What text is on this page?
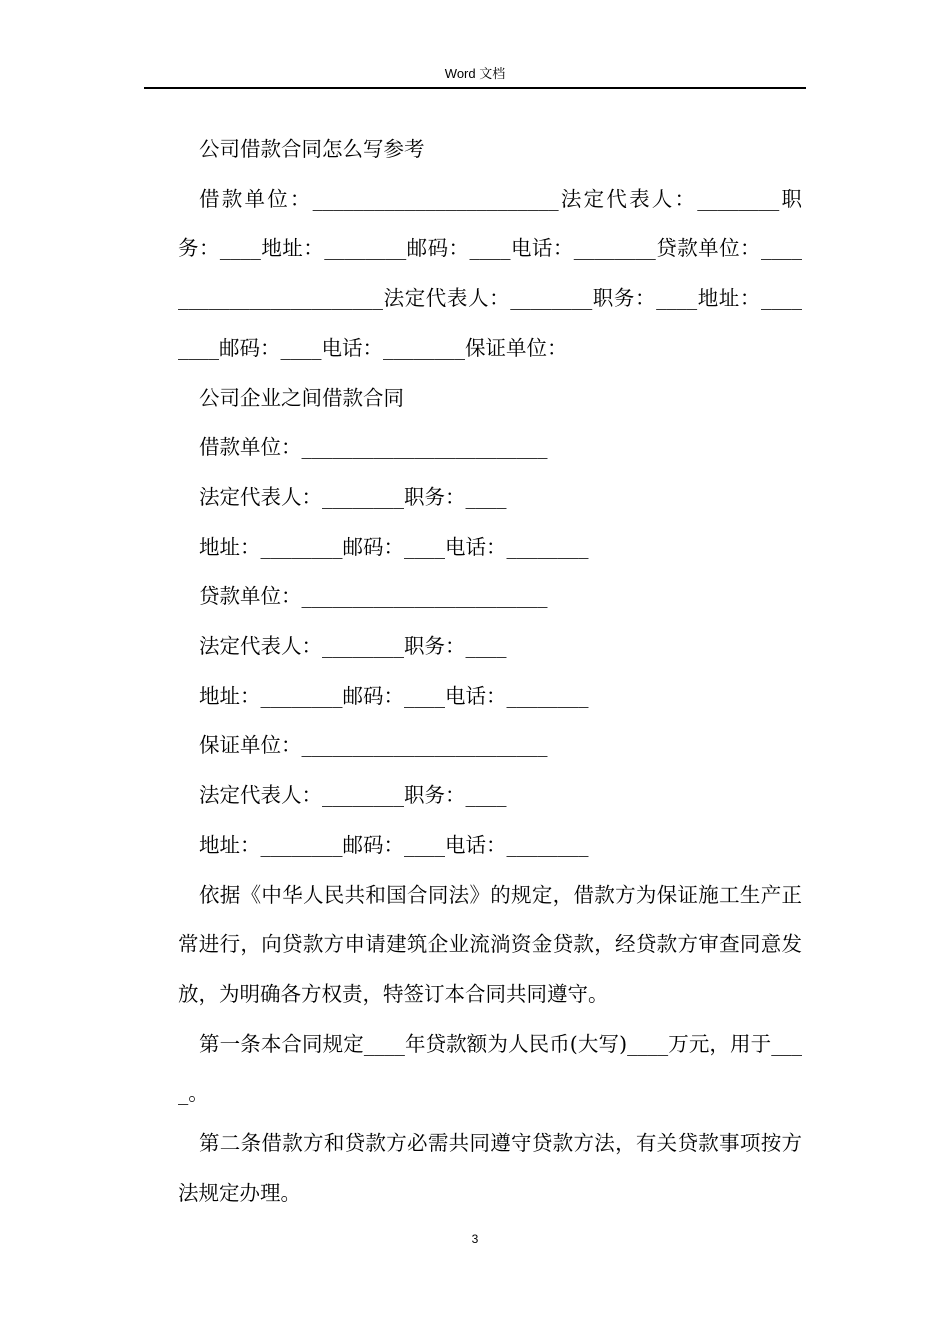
Word 文档

公司借款合同怎么写参考

借款单位：________________________法定代表人：________职务：____地址：________邮码：____电话：________贷款单位：________________________法定代表人：________职务：____地址：________邮码：____电话：________保证单位：

公司企业之间借款合同

借款单位：________________________

法定代表人：________职务：____

地址：________邮码：____电话：________

贷款单位：________________________

法定代表人：________职务：____

地址：________邮码：____电话：________

保证单位：________________________

法定代表人：________职务：____

地址：________邮码：____电话：________

依据《中华人民共和国合同法》的规定，借款方为保证施工生产正常进行，向贷款方申请建筑企业流淌资金贷款，经贷款方审查同意发放，为明确各方权责，特签订本合同共同遵守。

第一条本合同规定____年贷款额为人民币(大写)____万元，用于____。

第二条借款方和贷款方必需共同遵守贷款方法，有关贷款事项按方法规定办理。

3
